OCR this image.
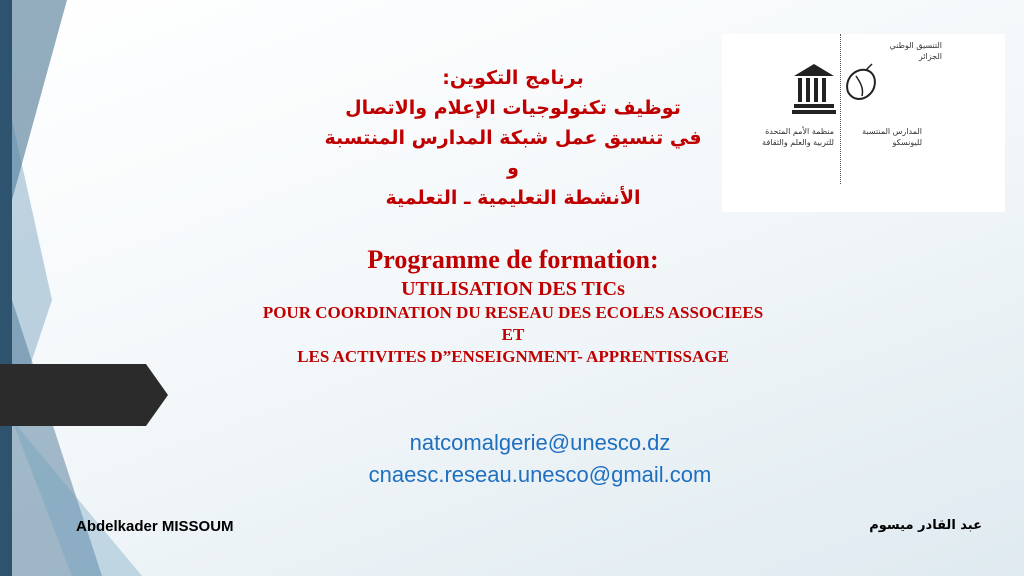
التنسيق الوطني
الجزائر
المدارس المنتسبة
لليونسكو
منظمة الأمم المتحدة
للتربية والعلم والثقافة
برنامج التكوين:
توظيف تكنولوجيات الإعلام والاتصال
في تنسيق عمل شبكة المدارس المنتسبة
و
الأنشطة التعليمية ـ التعلمية
Programme de formation:
UTILISATION DES TICs
POUR COORDINATION DU RESEAU DES ECOLES ASSOCIEES
ET
LES ACTIVITES D”ENSEIGNMENT- APPRENTISSAGE
natcomalgerie@unesco.dz
cnaesc.reseau.unesco@gmail.com
Abdelkader MISSOUM	عبد القادر ميسوم
